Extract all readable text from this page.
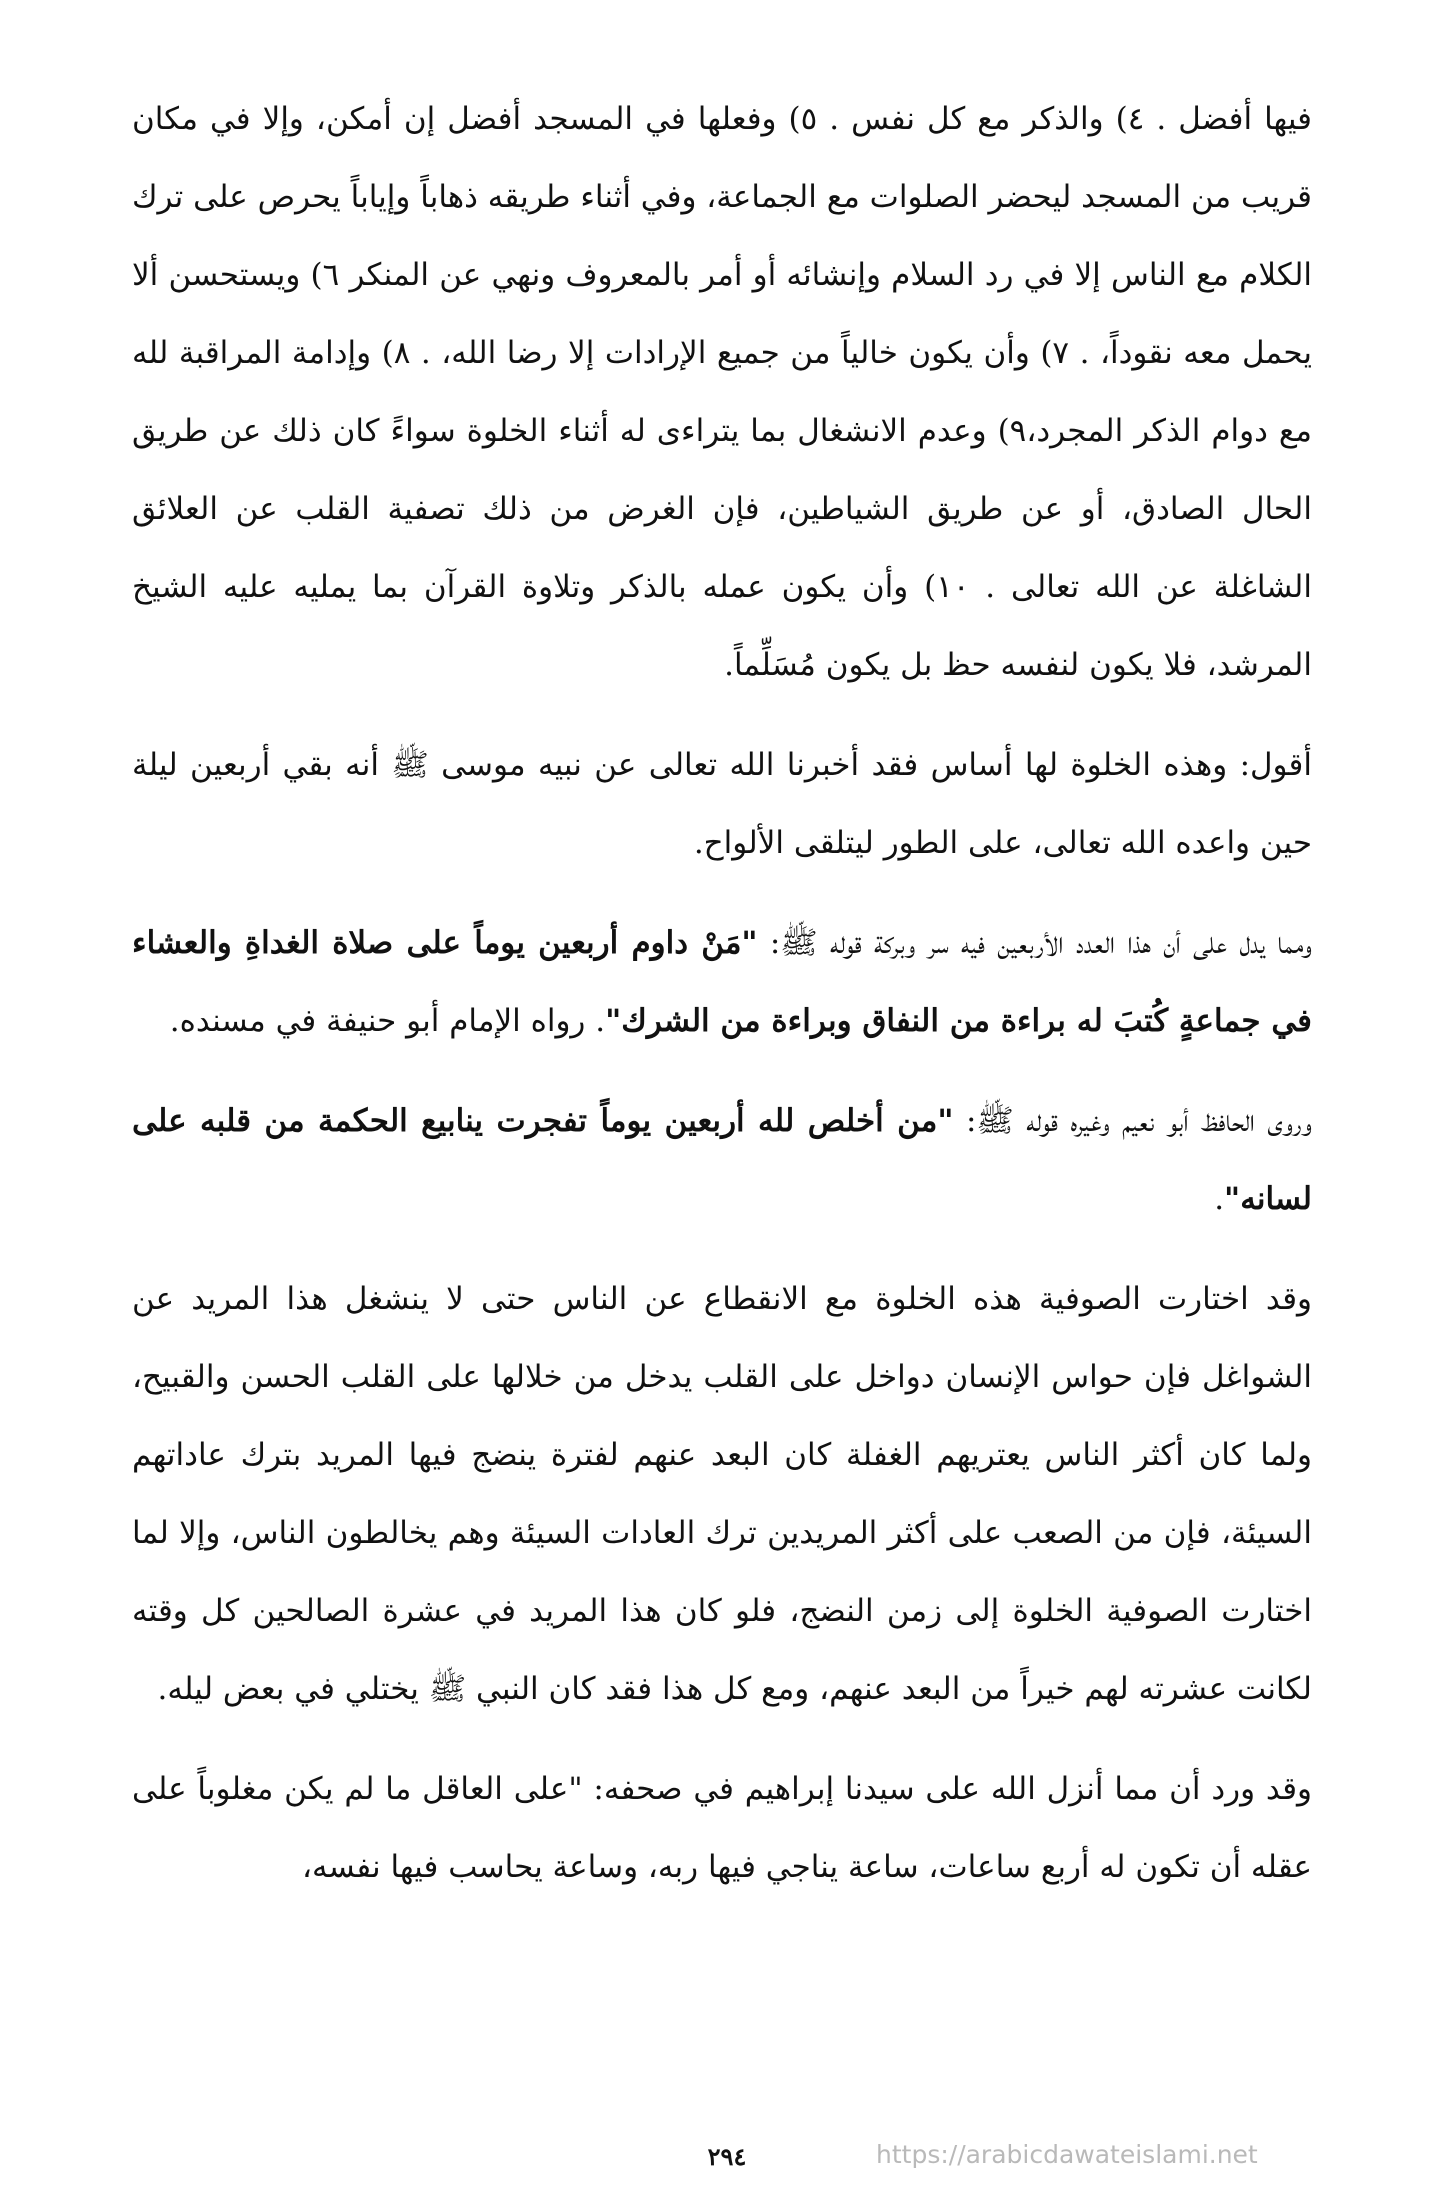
فيها أفضل . ٤) والذكر مع كل نفس . ٥) وفعلها في المسجد أفضل إن أمكن، وإلا في مكان قريب من المسجد ليحضر الصلوات مع الجماعة، وفي أثناء طريقه ذهاباً وإياباً يحرص على ترك الكلام مع الناس إلا في رد السلام وإنشائه أو أمر بالمعروف ونهي عن المنكر ٦) ويستحسن ألا يحمل معه نقوداً، . ٧) وأن يكون خالياً من جميع الإرادات إلا رضا الله، . ٨) وإدامة المراقبة لله مع دوام الذكر المجرد،٩) وعدم الانشغال بما يتراءى له أثناء الخلوة سواءً كان ذلك عن طريق الحال الصادق، أو عن طريق الشياطين، فإن الغرض من ذلك تصفية القلب عن العلائق الشاغلة عن الله تعالى . ١٠) وأن يكون عمله بالذكر وتلاوة القرآن بما يمليه عليه الشيخ المرشد، فلا يكون لنفسه حظ بل يكون مُسَلِّماً.

أقول: وهذه الخلوة لها أساس فقد أخبرنا الله تعالى عن نبيه موسى ﷺ أنه بقي أربعين ليلة حين واعده الله تعالى، على الطور ليتلقى الألواح.

ومما يدل على أن هذا العدد الأربعين فيه سر وبركة قوله ﷺ: "مَنْ داوم أربعين يوماً على صلاة الغداةِ والعشاء في جماعةٍ كُتبَ له براءة من النفاق وبراءة من الشرك". رواه الإمام أبو حنيفة في مسنده.

وروى الحافظ أبو نعيم وغيره قوله ﷺ: "من أخلص لله أربعين يوماً تفجرت ينابيع الحكمة من قلبه على لسانه".

وقد اختارت الصوفية هذه الخلوة مع الانقطاع عن الناس حتى لا ينشغل هذا المريد عن الشواغل فإن حواس الإنسان دواخل على القلب يدخل من خلالها على القلب الحسن والقبيح، ولما كان أكثر الناس يعتريهم الغفلة كان البعد عنهم لفترة ينضج فيها المريد بترك عاداتهم السيئة، فإن من الصعب على أكثر المريدين ترك العادات السيئة وهم يخالطون الناس، وإلا لما اختارت الصوفية الخلوة إلى زمن النضج، فلو كان هذا المريد في عشرة الصالحين كل وقته لكانت عشرته لهم خيراً من البعد عنهم، ومع كل هذا فقد كان النبي ﷺ يختلي في بعض ليله.

وقد ورد أن مما أنزل الله على سيدنا إبراهيم في صحفه: "على العاقل ما لم يكن مغلوباً على عقله أن تكون له أربع ساعات، ساعة يناجي فيها ربه، وساعة يحاسب فيها نفسه،

٢٩٤	https://arabicdawateislami.net
